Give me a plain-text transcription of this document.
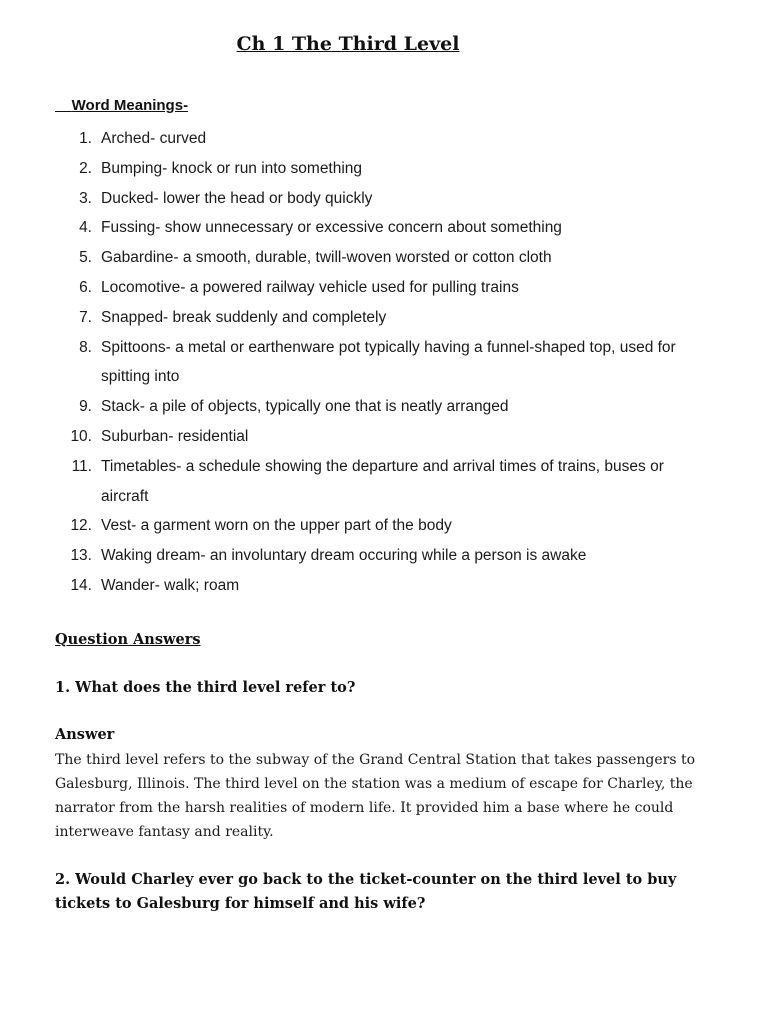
Ch 1 The Third Level
Word Meanings-
1. Arched- curved
2. Bumping- knock or run into something
3. Ducked- lower the head or body quickly
4. Fussing- show unnecessary or excessive concern about something
5. Gabardine- a smooth, durable, twill-woven worsted or cotton cloth
6. Locomotive- a powered railway vehicle used for pulling trains
7. Snapped- break suddenly and completely
8. Spittoons- a metal or earthenware pot typically having a funnel-shaped top, used for spitting into
9. Stack- a pile of objects, typically one that is neatly arranged
10. Suburban- residential
11. Timetables- a schedule showing the departure and arrival times of trains, buses or aircraft
12. Vest- a garment worn on the upper part of the body
13. Waking dream- an involuntary dream occuring while a person is awake
14. Wander- walk; roam
Question Answers
1. What does the third level refer to?
Answer

The third level refers to the subway of the Grand Central Station that takes passengers to Galesburg, Illinois. The third level on the station was a medium of escape for Charley, the narrator from the harsh realities of modern life. It provided him a base where he could interweave fantasy and reality.

2. Would Charley ever go back to the ticket-counter on the third level to buy tickets to Galesburg for himself and his wife?
